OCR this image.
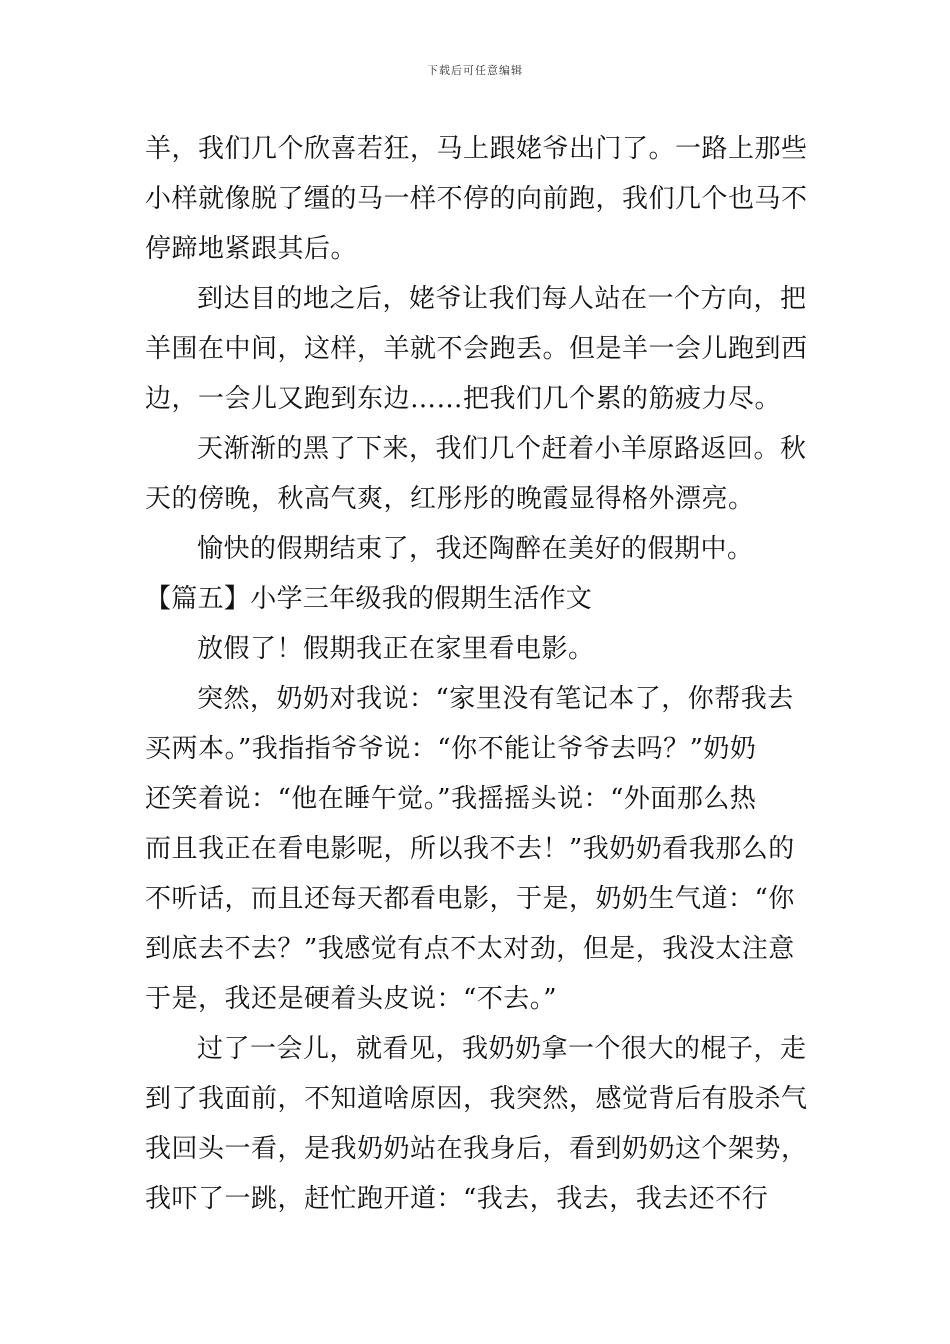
下载后可任意编辑
羊，我们几个欣喜若狂，马上跟姥爷出门了。一路上那些
小样就像脱了缰的马一样不停的向前跑，我们几个也马不
停蹄地紧跟其后。
到达目的地之后，姥爷让我们每人站在一个方向，把
羊围在中间，这样，羊就不会跑丢。但是羊一会儿跑到西
边，一会儿又跑到东边……把我们几个累的筋疲力尽。
天渐渐的黑了下来，我们几个赶着小羊原路返回。秋
天的傍晚，秋高气爽，红彤彤的晚霞显得格外漂亮。
愉快的假期结束了，我还陶醉在美好的假期中。
【篇五】小学三年级我的假期生活作文
放假了！假期我正在家里看电影。
突然，奶奶对我说：“家里没有笔记本了，你帮我去
买两本。”我指指爷爷说：“你不能让爷爷去吗？”奶奶
还笑着说：“他在睡午觉。”我摇摇头说：“外面那么热
而且我正在看电影呢，所以我不去！”我奶奶看我那么的
不听话，而且还每天都看电影，于是，奶奶生气道：“你
到底去不去？”我感觉有点不太对劲，但是，我没太注意
于是，我还是硬着头皮说：“不去。”
过了一会儿，就看见，我奶奶拿一个很大的棍子，走
到了我面前，不知道啥原因，我突然，感觉背后有股杀气
我回头一看，是我奶奶站在我身后，看到奶奶这个架势，
我吓了一跳，赶忙跑开道：“我去，我去，我去还不行
